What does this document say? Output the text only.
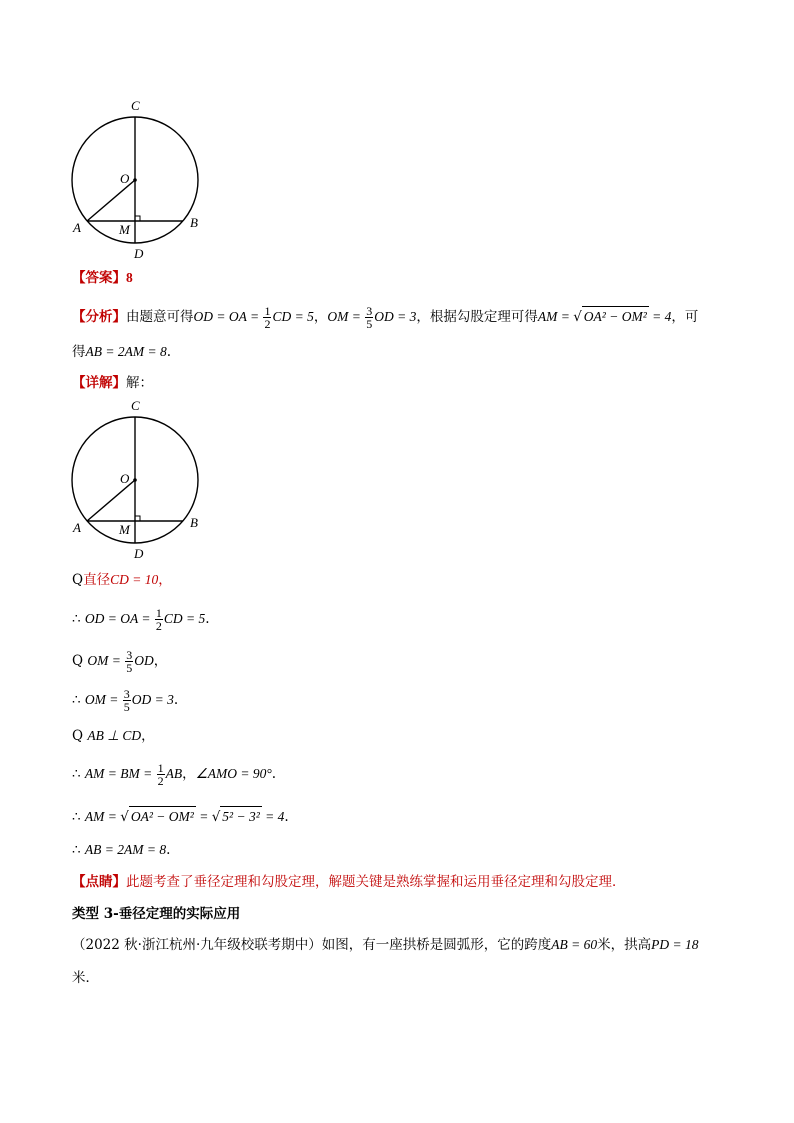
C
O
A	M	B
D
【答案】8
【分析】由题意可得OD = OA = $\frac{1}{2}$ CD = 5，OM = $\frac{3}{5}$ OD = 3，根据勾股定理可得AM = √ OA² − OM² = 4，可
得AB = 2AM = 8.
【详解】解：
C
O
A	M	B
D
Q直径CD = 10，
∴ OD = OA = $\frac{1}{2}$ CD = 5.
Q OM = $\frac{3}{5}$ OD，
∴ OM = $\frac{3}{5}$ OD = 3.
Q AB ⊥ CD，
∴ AM = BM = $\frac{1}{2}$ AB，∠AMO = 90°.
∴ AM = √ OA² − OM² = √ 5² − 3² = 4.
∴ AB = 2AM = 8.
【点睛】此题考查了垂径定理和勾股定理，解题关键是熟练掌握和运用垂径定理和勾股定理．
类型 3-垂径定理的实际应用
（2022 秋·浙江杭州·九年级校联考期中）如图，有一座拱桥是圆弧形，它的跨度AB = 60米，拱高PD = 18
米．
